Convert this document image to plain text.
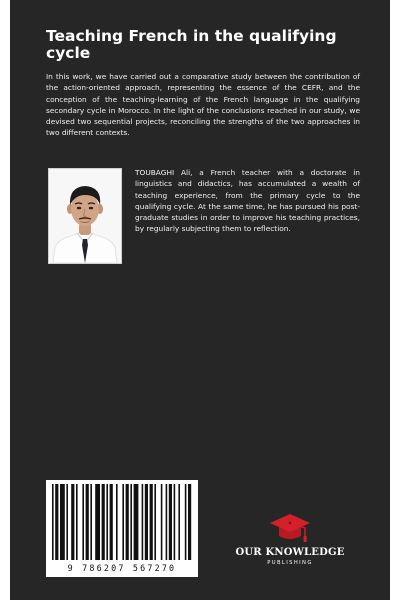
Teaching French in the qualifying cycle

In this work, we have carried out a comparative study between the contribution of the action-oriented approach, representing the essence of the CEFR, and the conception of the teaching-learning of the French language in the qualifying secondary cycle in Morocco. In the light of the conclusions reached in our study, we devised two sequential projects, reconciling the strengths of the two approaches in two different contexts.

TOUBAGHI Ali, a French teacher with a doctorate in linguistics and didactics, has accumulated a wealth of teaching experience, from the primary cycle to the qualifying cycle. At the same time, he has pursued his post-graduate studies in order to improve his teaching practices, by regularly subjecting them to reflection.

9 786207 567270
OUR KNOWLEDGE
PUBLISHING
